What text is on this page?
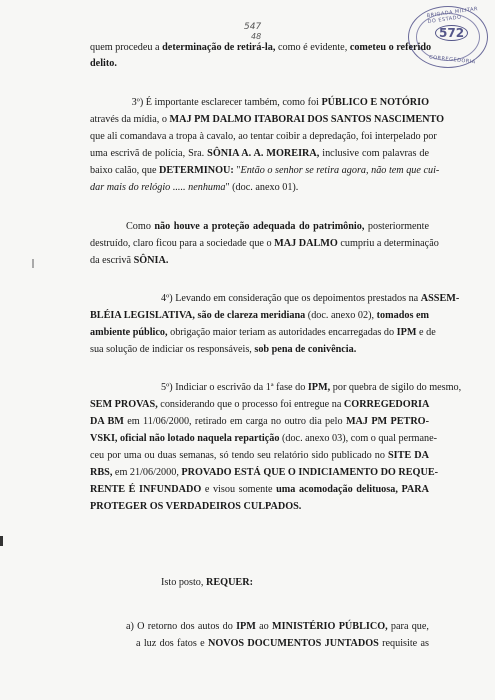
547
48
BRIGADA MILITAR DO ESTADO
572
CORREGEDORIA
quem procedeu a determinação de retirá-la, como é evidente, cometeu o referido
delito.
3º) É importante esclarecer também, como foi PÚBLICO E NOTÓRIO
através da mídia, o MAJ PM DALMO ITABORAI DOS SANTOS NASCIMENTO
que ali comandava a tropa à cavalo, ao tentar coibir a depredação, foi interpelado por
uma escrivã de polícia, Sra. SÔNIA A. A. MOREIRA, inclusive com palavras de
baixo calão, que DETERMINOU: "Então o senhor se retira agora, não tem que cui-
dar mais do relógio ..... nenhuma" (doc. anexo 01).
Como não houve a proteção adequada do patrimônio, posteriormente
destruído, claro ficou para a sociedade que o MAJ DALMO cumpriu a determinação
da escrivã SÔNIA.
4º) Levando em consideração que os depoimentos prestados na ASSEM-
BLÉIA LEGISLATIVA, são de clareza meridiana (doc. anexo 02), tomados em
ambiente público, obrigação maior teriam as autoridades encarregadas do IPM e de
sua solução de indiciar os responsáveis, sob pena de conivência.
5º) Indiciar o escrivão da 1ª fase do IPM, por quebra de sigilo do mesmo,
SEM PROVAS, considerando que o processo foi entregue na CORREGEDORIA
DA BM em 11/06/2000, retirado em carga no outro dia pelo MAJ PM PETRO-
VSKI, oficial não lotado naquela repartição (doc. anexo 03), com o qual permane-
ceu por uma ou duas semanas, só tendo seu relatório sido publicado no SITE DA
RBS, em 21/06/2000, PROVADO ESTÁ QUE O INDICIAMENTO DO REQUE-
RENTE É INFUNDADO e visou somente uma acomodação delituosa, PARA
PROTEGER OS VERDADEIROS CULPADOS.
Isto posto, REQUER:
a) O retorno dos autos do IPM ao MINISTÉRIO PÚBLICO, para que,
a luz dos fatos e NOVOS DOCUMENTOS JUNTADOS requisite as
